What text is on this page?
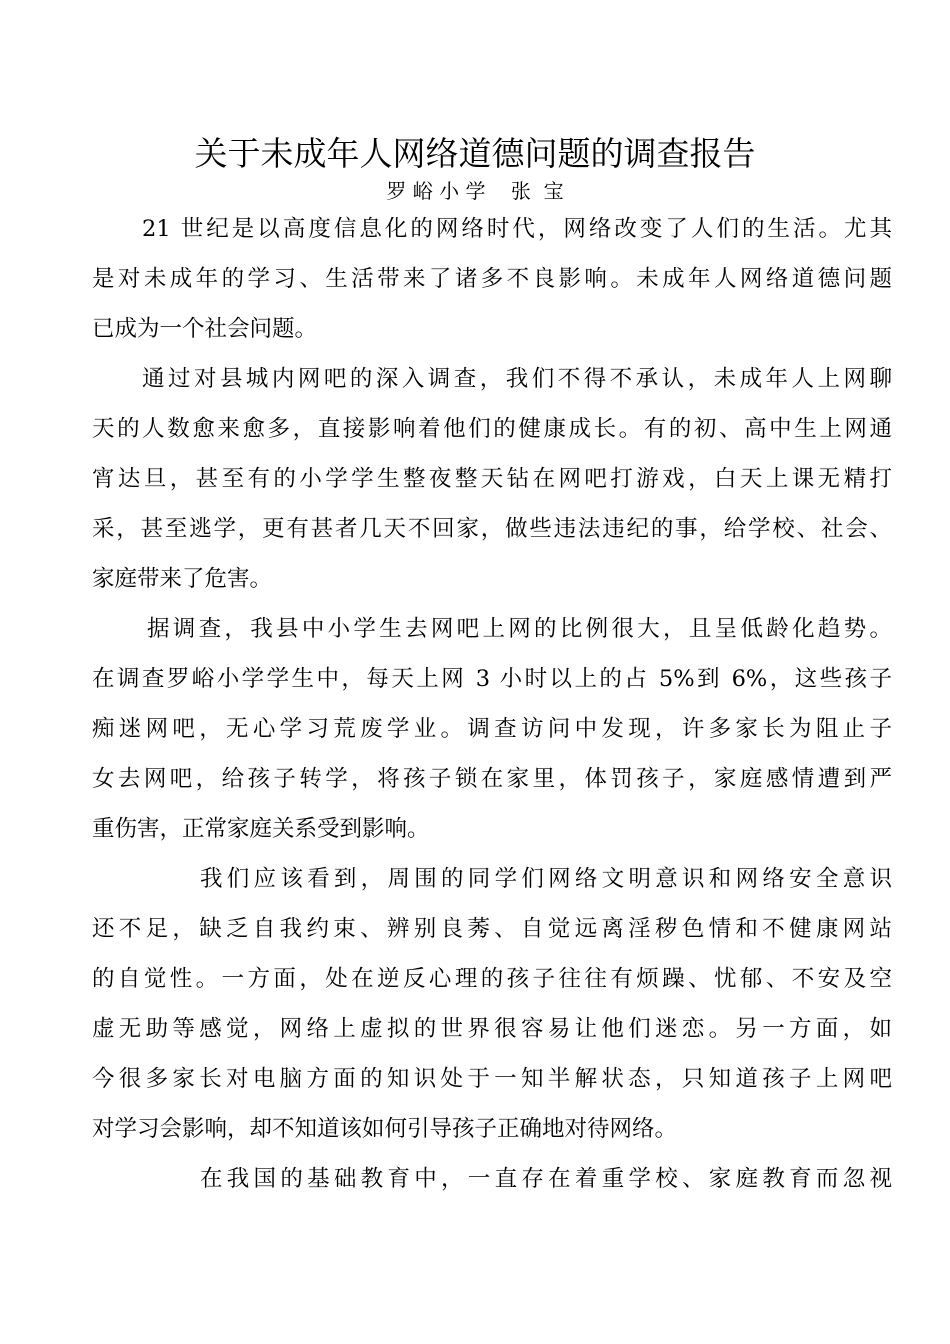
关于未成年人网络道德问题的调查报告
罗 峪 小 学    张  宝
21 世纪是以高度信息化的网络时代，网络改变了人们的生活。尤其
是对未成年的学习、生活带来了诸多不良影响。未成年人网络道德问题
已成为一个社会问题。
通过对县城内网吧的深入调查，我们不得不承认，未成年人上网聊
天的人数愈来愈多，直接影响着他们的健康成长。有的初、高中生上网通
宵达旦，甚至有的小学学生整夜整天钻在网吧打游戏，白天上课无精打
采，甚至逃学，更有甚者几天不回家，做些违法违纪的事，给学校、社会、
家庭带来了危害。
据调查，我县中小学生去网吧上网的比例很大，且呈低龄化趋势。
在调查罗峪小学学生中，每天上网 3 小时以上的占 5%到 6%，这些孩子
痴迷网吧，无心学习荒废学业。调查访问中发现，许多家长为阻止子
女去网吧，给孩子转学，将孩子锁在家里，体罚孩子，家庭感情遭到严
重伤害，正常家庭关系受到影响。
我们应该看到，周围的同学们网络文明意识和网络安全意识
还不足，缺乏自我约束、辨别良莠、自觉远离淫秽色情和不健康网站
的自觉性。一方面，处在逆反心理的孩子往往有烦躁、忧郁、不安及空
虚无助等感觉，网络上虚拟的世界很容易让他们迷恋。另一方面，如
今很多家长对电脑方面的知识处于一知半解状态，只知道孩子上网吧
对学习会影响，却不知道该如何引导孩子正确地对待网络。
在我国的基础教育中，一直存在着重学校、家庭教育而忽视
